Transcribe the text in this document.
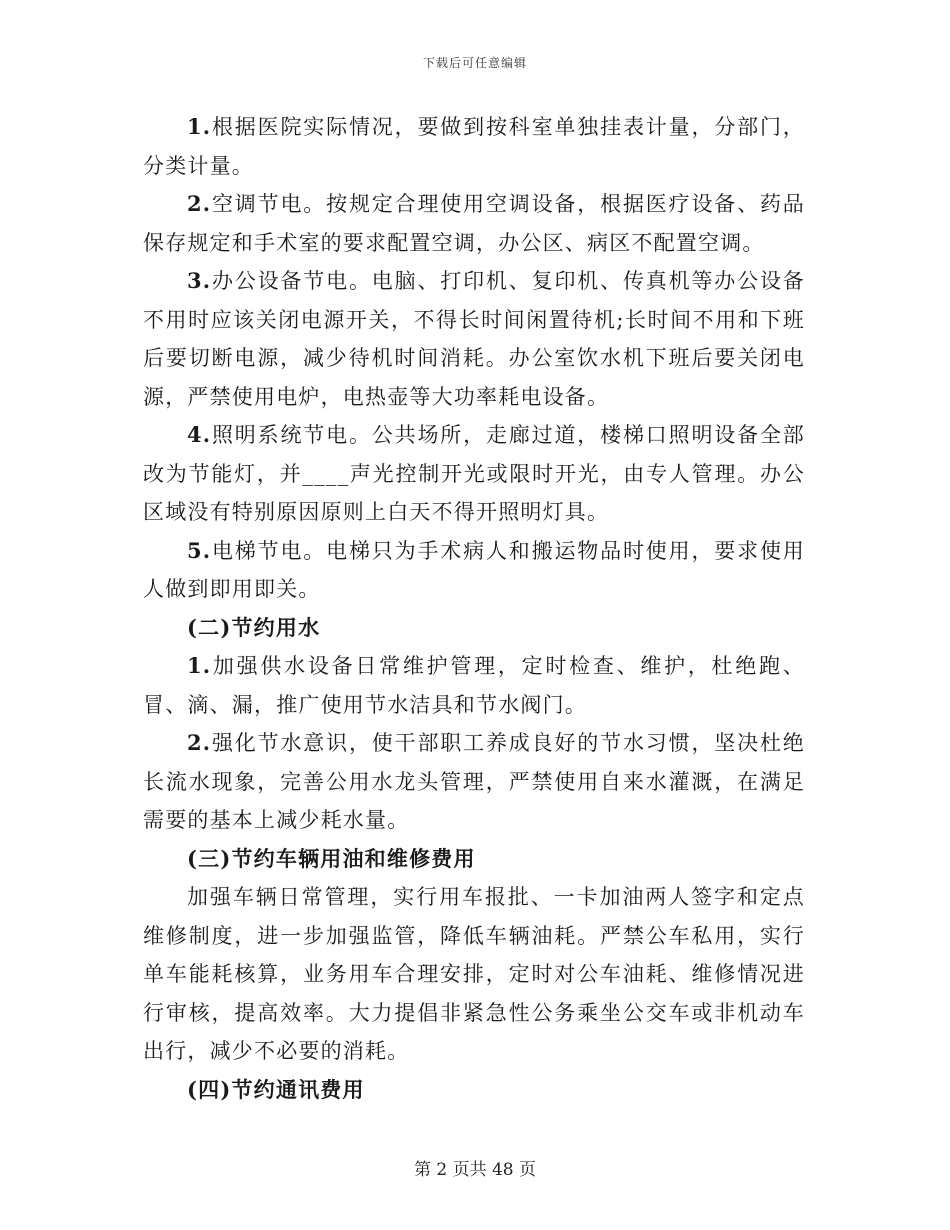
下载后可任意编辑

1.根据医院实际情况，要做到按科室单独挂表计量，分部门，分类计量。

2.空调节电。按规定合理使用空调设备，根据医疗设备、药品保存规定和手术室的要求配置空调，办公区、病区不配置空调。

3.办公设备节电。电脑、打印机、复印机、传真机等办公设备不用时应该关闭电源开关，不得长时间闲置待机;长时间不用和下班后要切断电源，减少待机时间消耗。办公室饮水机下班后要关闭电源，严禁使用电炉，电热壶等大功率耗电设备。

4.照明系统节电。公共场所，走廊过道，楼梯口照明设备全部改为节能灯，并____声光控制开光或限时开光，由专人管理。办公区域没有特别原因原则上白天不得开照明灯具。

5.电梯节电。电梯只为手术病人和搬运物品时使用，要求使用人做到即用即关。

(二)节约用水

1.加强供水设备日常维护管理，定时检查、维护，杜绝跑、冒、滴、漏，推广使用节水洁具和节水阀门。

2.强化节水意识，使干部职工养成良好的节水习惯，坚决杜绝长流水现象，完善公用水龙头管理，严禁使用自来水灌溉，在满足需要的基本上减少耗水量。

(三)节约车辆用油和维修费用

加强车辆日常管理，实行用车报批、一卡加油两人签字和定点维修制度，进一步加强监管，降低车辆油耗。严禁公车私用，实行单车能耗核算，业务用车合理安排，定时对公车油耗、维修情况进行审核，提高效率。大力提倡非紧急性公务乘坐公交车或非机动车出行，减少不必要的消耗。

(四)节约通讯费用

第 2 页共 48 页
